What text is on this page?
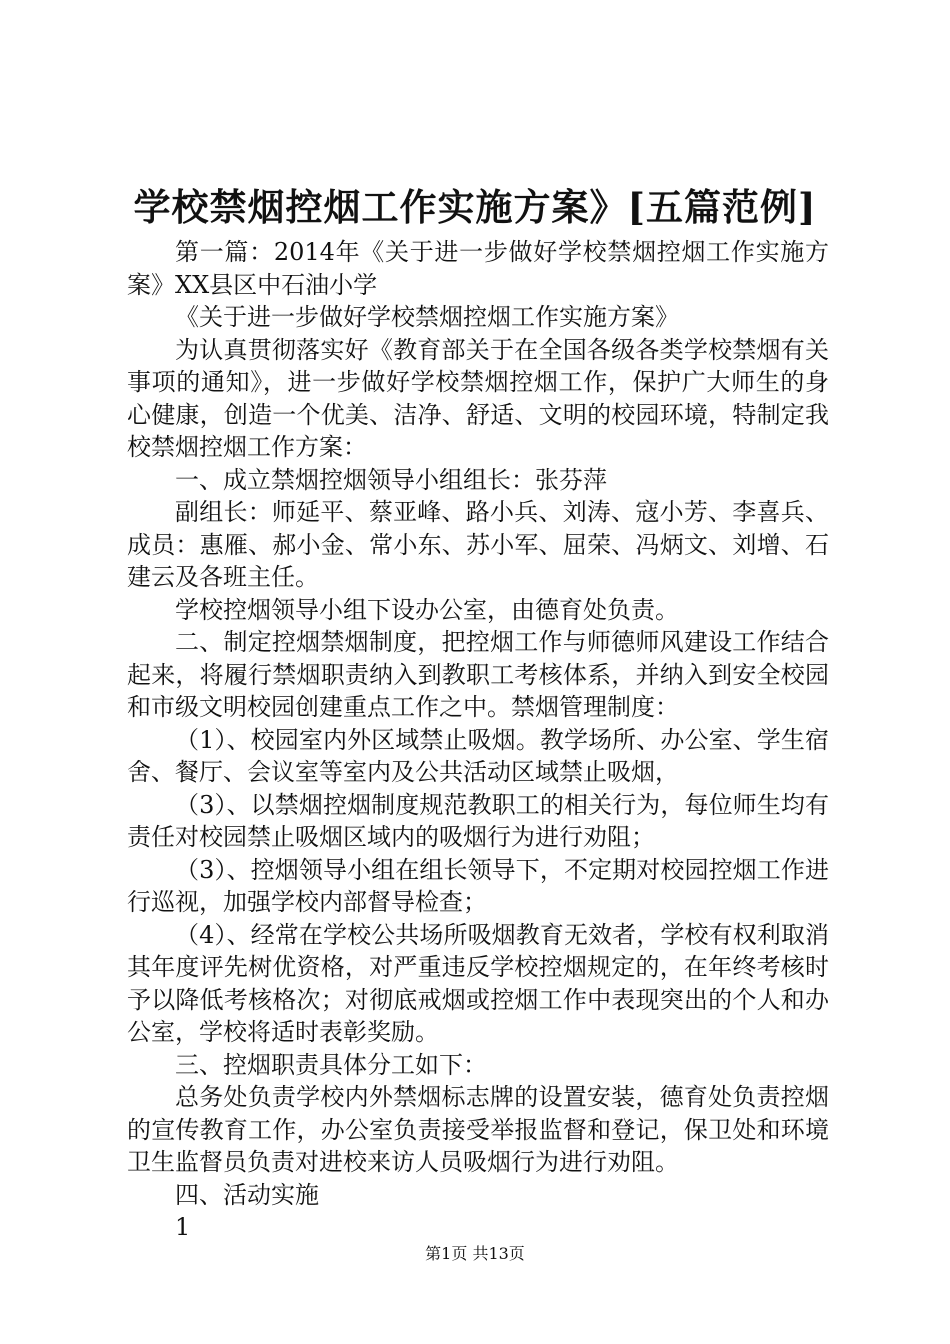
学校禁烟控烟工作实施方案》[五篇范例]

第一篇：2014年《关于进一步做好学校禁烟控烟工作实施方案》XX县区中石油小学

《关于进一步做好学校禁烟控烟工作实施方案》

为认真贯彻落实好《教育部关于在全国各级各类学校禁烟有关事项的通知》，进一步做好学校禁烟控烟工作，保护广大师生的身心健康，创造一个优美、洁净、舒适、文明的校园环境，特制定我校禁烟控烟工作方案：

一、成立禁烟控烟领导小组组长：张芬萍

副组长：师延平、蔡亚峰、路小兵、刘涛、寇小芳、李喜兵、成员：惠雁、郝小金、常小东、苏小军、屈荣、冯炳文、刘增、石建云及各班主任。

学校控烟领导小组下设办公室，由德育处负责。

二、制定控烟禁烟制度，把控烟工作与师德师风建设工作结合起来，将履行禁烟职责纳入到教职工考核体系，并纳入到安全校园和市级文明校园创建重点工作之中。禁烟管理制度：

（1）、校园室内外区域禁止吸烟。教学场所、办公室、学生宿舍、餐厅、会议室等室内及公共活动区域禁止吸烟，

（3）、以禁烟控烟制度规范教职工的相关行为，每位师生均有责任对校园禁止吸烟区域内的吸烟行为进行劝阻；

（3）、控烟领导小组在组长领导下，不定期对校园控烟工作进行巡视，加强学校内部督导检查；

（4）、经常在学校公共场所吸烟教育无效者，学校有权利取消其年度评先树优资格，对严重违反学校控烟规定的，在年终考核时予以降低考核格次；对彻底戒烟或控烟工作中表现突出的个人和办公室，学校将适时表彰奖励。

三、控烟职责具体分工如下：

总务处负责学校内外禁烟标志牌的设置安装，德育处负责控烟的宣传教育工作，办公室负责接受举报监督和登记，保卫处和环境卫生监督员负责对进校来访人员吸烟行为进行劝阻。

四、活动实施

1

第1页 共13页
